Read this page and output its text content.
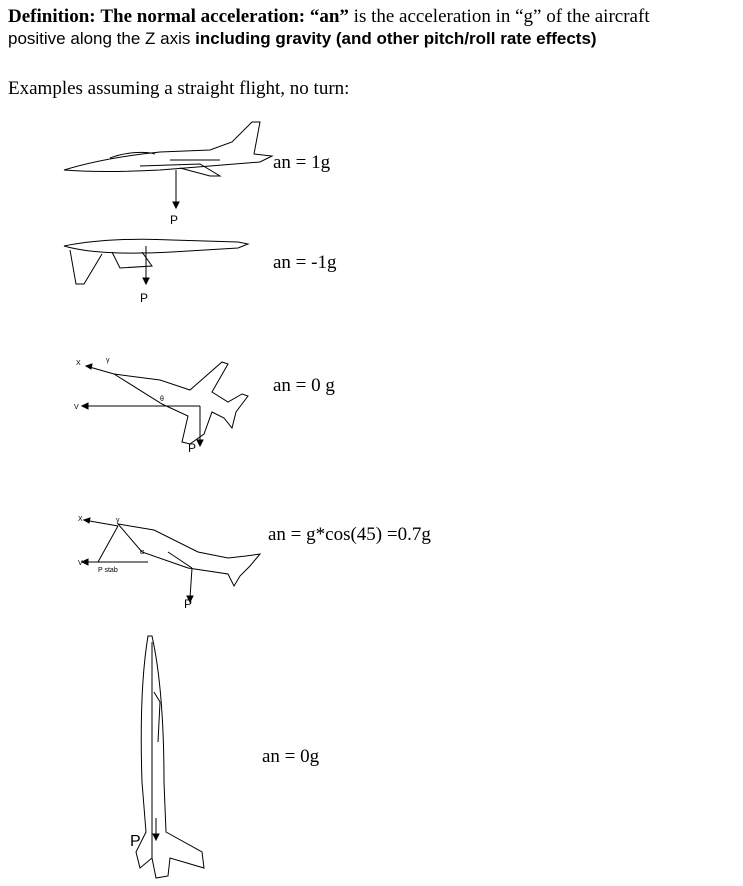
Definition: The normal acceleration: “an” is the acceleration in “g” of the aircraft
positive along the Z axis including gravity (and other pitch/roll rate effects)
Examples assuming a straight flight, no turn:
P
an = 1g
P
an = -1g
X
V
γ
θ
P
an = 0 g
X
V
γ
P stab
α
P
an = g*cos(45) =0.7g
P
an = 0g
